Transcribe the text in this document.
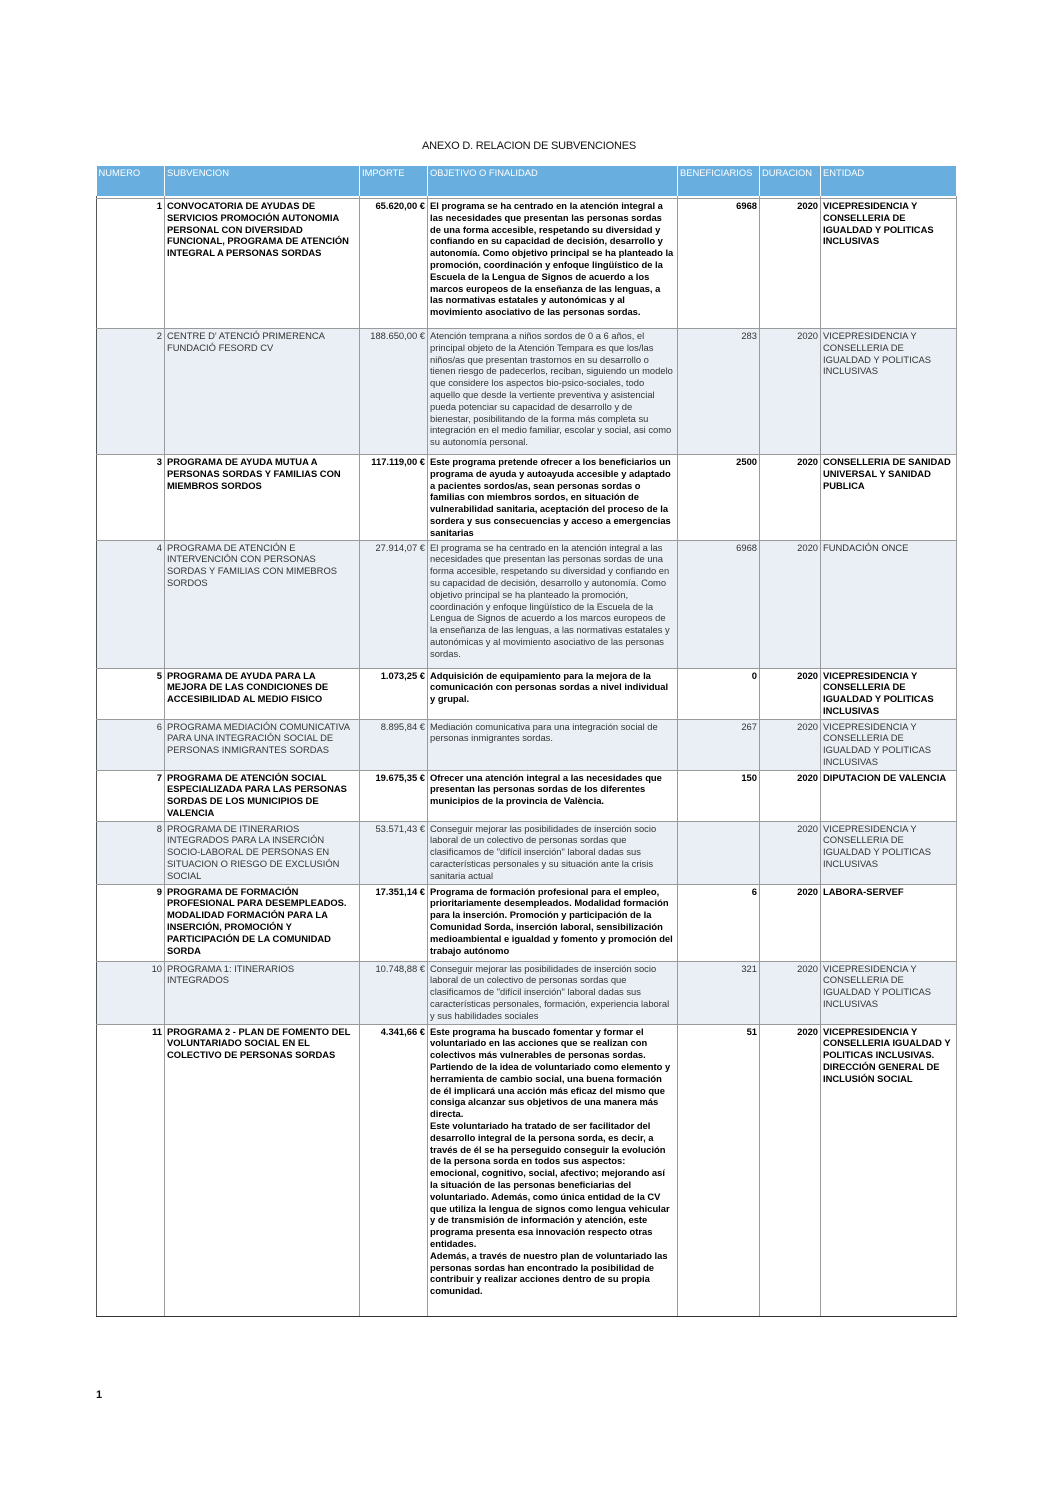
ANEXO D. RELACION DE SUBVENCIONES
NUMERO	SUBVENCION	IMPORTE	OBJETIVO O FINALIDAD	BENEFICIARIOS	DURACION	ENTIDAD

1	CONVOCATORIA DE AYUDAS DE SERVICIOS PROMOCIÓN AUTONOMIA PERSONAL CON DIVERSIDAD FUNCIONAL, PROGRAMA DE ATENCIÓN INTEGRAL A PERSONAS SORDAS	65.620,00 €	El programa se ha centrado en la atención integral a las necesidades que presentan las personas sordas de una forma accesible, respetando su diversidad y confiando en su capacidad de decisión, desarrollo y autonomía. Como objetivo principal se ha planteado la promoción, coordinación y enfoque lingüístico de la Escuela de la Lengua de Signos de acuerdo a los marcos europeos de la enseñanza de las lenguas, a las normativas estatales y autonómicas y al movimiento asociativo de las personas sordas.	6968	2020	VICEPRESIDENCIA Y CONSELLERIA DE IGUALDAD Y POLITICAS INCLUSIVAS
2	CENTRE D' ATENCIÓ PRIMERENCA FUNDACIÓ FESORD CV	188.650,00 €	Atención temprana a niños sordos de 0 a 6 años, el principal objeto de la Atención Tempara es que los/las niños/as que presentan trastornos en su desarrollo o tienen riesgo de padecerlos, reciban, siguiendo un modelo que considere los aspectos bio-psico-sociales, todo aquello que desde la vertiente preventiva y asistencial pueda potenciar su capacidad de desarrollo y de bienestar, posibilitando de la forma más completa su integración en el medio familiar, escolar y social, asi como su autonomía personal.	283	2020	VICEPRESIDENCIA Y CONSELLERIA DE IGUALDAD Y POLITICAS INCLUSIVAS
3	PROGRAMA DE AYUDA MUTUA A PERSONAS SORDAS Y FAMILIAS CON MIEMBROS SORDOS	117.119,00 €	Este programa pretende ofrecer a los beneficiarios un programa de ayuda y autoayuda accesible y adaptado a pacientes sordos/as, sean personas sordas o familias con miembros sordos, en situación de vulnerabilidad sanitaria, aceptación del proceso de la sordera y sus consecuencias y acceso a emergencias sanitarias	2500	2020	CONSELLERIA DE SANIDAD UNIVERSAL Y SANIDAD PUBLICA
4	PROGRAMA DE ATENCIÓN E INTERVENCIÓN CON PERSONAS SORDAS Y FAMILIAS CON MIMEBROS SORDOS	27.914,07 €	El programa se ha centrado en la atención integral a las necesidades que presentan las personas sordas de una forma accesible, respetando su diversidad y confiando en su capacidad de decisión, desarrollo y autonomía. Como objetivo principal se ha planteado la promoción, coordinación y enfoque lingüístico de la Escuela de la Lengua de Signos de acuerdo a los marcos europeos de la enseñanza de las lenguas, a las normativas estatales y autonómicas y al movimiento asociativo de las personas sordas.	6968	2020	FUNDACIÓN ONCE
5	PROGRAMA DE AYUDA PARA LA MEJORA DE LAS CONDICIONES DE ACCESIBILIDAD AL MEDIO FISICO	1.073,25 €	Adquisición de equipamiento para la mejora de la comunicación con personas sordas a nivel individual y grupal.	0	2020	VICEPRESIDENCIA Y CONSELLERIA DE IGUALDAD Y POLITICAS INCLUSIVAS
6	PROGRAMA MEDIACIÓN COMUNICATIVA PARA UNA INTEGRACIÓN SOCIAL DE PERSONAS INMIGRANTES SORDAS	8.895,84 €	Mediación comunicativa para una integración social de personas inmigrantes sordas.	267	2020	VICEPRESIDENCIA Y CONSELLERIA DE IGUALDAD Y POLITICAS INCLUSIVAS
7	PROGRAMA DE ATENCIÓN SOCIAL ESPECIALIZADA PARA LAS PERSONAS SORDAS DE LOS MUNICIPIOS DE VALENCIA	19.675,35 €	Ofrecer una atención integral a las necesidades que presentan las personas sordas de los diferentes municipios de la provincia de València.	150	2020	DIPUTACION DE VALENCIA
8	PROGRAMA DE ITINERARIOS INTEGRADOS PARA LA INSERCIÓN SOCIO-LABORAL DE PERSONAS EN SITUACION O RIESGO DE EXCLUSIÓN SOCIAL	53.571,43 €	Conseguir mejorar las posibilidades de inserción socio laboral de un colectivo de personas sordas que clasificamos de "difícil inserción" laboral dadas sus características personales y su situación ante la crisis sanitaria actual		2020	VICEPRESIDENCIA Y CONSELLERIA DE IGUALDAD Y POLITICAS INCLUSIVAS
9	PROGRAMA DE FORMACIÓN PROFESIONAL PARA DESEMPLEADOS. MODALIDAD FORMACIÓN PARA LA INSERCIÓN, PROMOCIÓN Y PARTICIPACIÓN DE LA COMUNIDAD SORDA	17.351,14 €	Programa de formación profesional para el empleo, prioritariamente desempleados. Modalidad formación para la inserción. Promoción y participación de la Comunidad Sorda, inserción laboral, sensibilización medioambiental e igualdad y fomento y promoción del trabajo autónomo	6	2020	LABORA-SERVEF
10	PROGRAMA 1: ITINERARIOS INTEGRADOS	10.748,88 €	Conseguir mejorar las posibilidades de inserción socio laboral de un colectivo de personas sordas que clasificamos de "difícil inserción" laboral dadas sus características personales, formación, experiencia laboral y sus habilidades sociales	321	2020	VICEPRESIDENCIA Y CONSELLERIA DE IGUALDAD Y POLITICAS INCLUSIVAS
11	PROGRAMA 2 - PLAN DE FOMENTO DEL VOLUNTARIADO SOCIAL EN EL COLECTIVO DE PERSONAS SORDAS	4.341,66 €	Este programa ha buscado fomentar y formar el voluntariado en las acciones que se realizan con colectivos más vulnerables de personas sordas.
Partiendo de la idea de voluntariado como elemento y herramienta de cambio social, una buena formación de él implicará una acción más eficaz del mismo que consiga alcanzar sus objetivos de una manera más directa.
Este voluntariado ha tratado de ser facilitador del desarrollo integral de la persona sorda, es decir, a través de él se ha perseguido conseguir la evolución de la persona sorda en todos sus aspectos: emocional, cognitivo, social, afectivo; mejorando así la situación de las personas beneficiarias del voluntariado. Además, como única entidad de la CV que utiliza la lengua de signos como lengua vehicular y de transmisión de información y atención, este programa presenta esa innovación respecto otras entidades.
Además, a través de nuestro plan de voluntariado las personas sordas han encontrado la posibilidad de contribuir y realizar acciones dentro de su propia comunidad.	51	2020	VICEPRESIDENCIA Y CONSELLERIA IGUALDAD Y POLITICAS INCLUSIVAS. DIRECCIÓN GENERAL DE INCLUSIÓN SOCIAL
1
